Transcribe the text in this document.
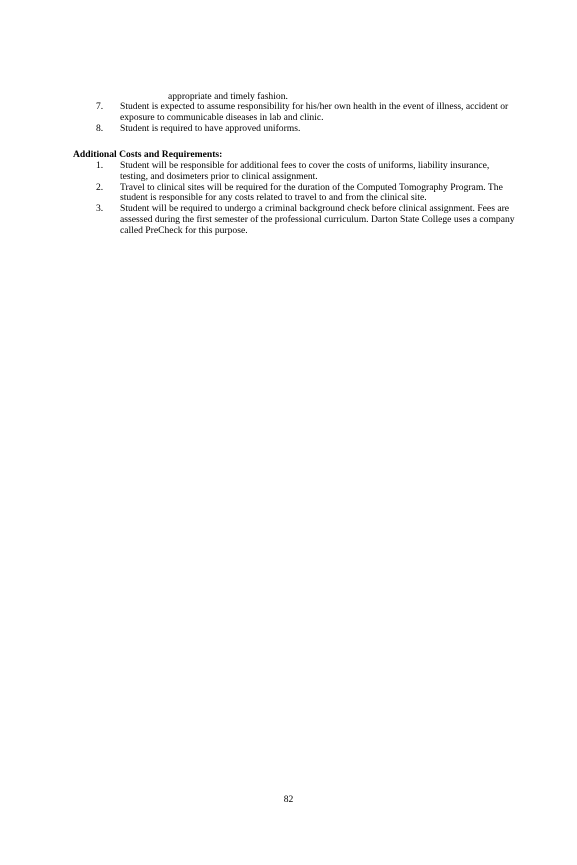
appropriate and timely fashion.
7.	Student is expected to assume responsibility for his/her own health in the event of illness, accident or exposure to communicable diseases in lab and clinic.
8.	Student is required to have approved uniforms.
Additional Costs and Requirements:
1.	Student will be responsible for additional fees to cover the costs of uniforms, liability insurance, testing, and dosimeters prior to clinical assignment.
2.	Travel to clinical sites will be required for the duration of the Computed Tomography Program. The student is responsible for any costs related to travel to and from the clinical site.
3.	Student will be required to undergo a criminal background check before clinical assignment. Fees are assessed during the first semester of the professional curriculum. Darton State College uses a company called PreCheck for this purpose.
82
